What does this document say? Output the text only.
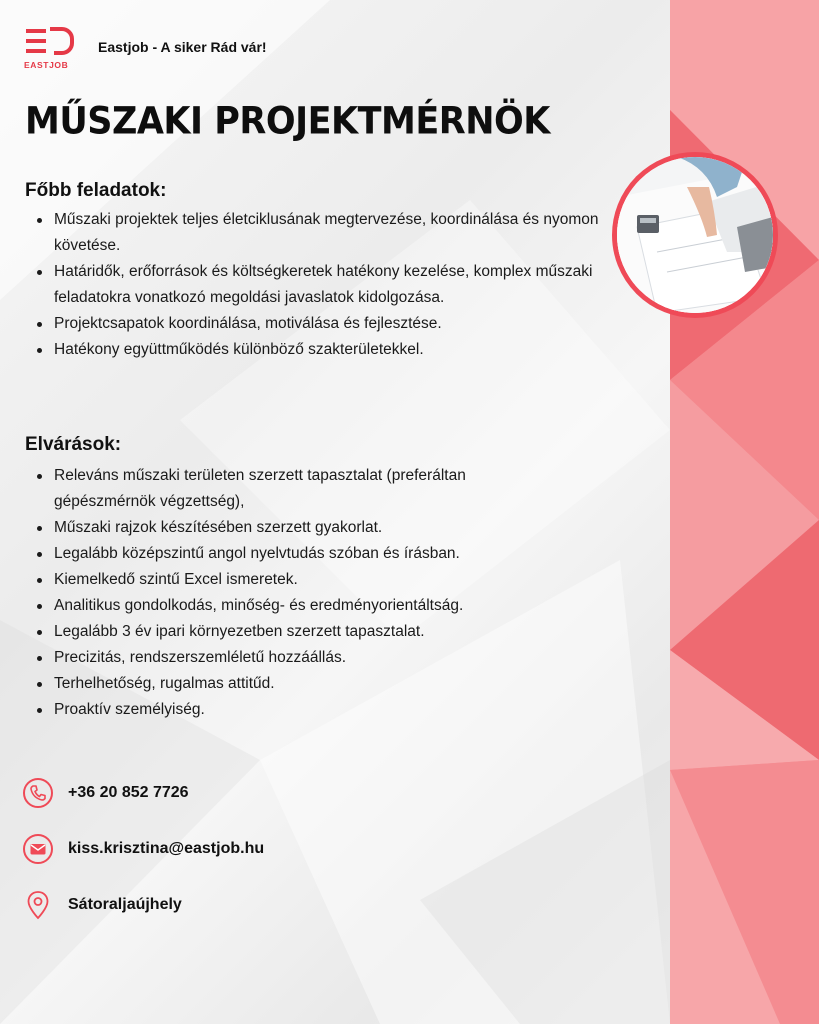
EASTJOB
Eastjob - A siker Rád vár!
MŰSZAKI PROJEKTMÉRNÖK
Főbb feladatok:
Műszaki projektek teljes életciklusának megtervezése, koordinálása és nyomon követése.
Határidők, erőforrások és költségkeretek hatékony kezelése, komplex műszaki feladatokra vonatkozó megoldási javaslatok kidolgozása.
Projektcsapatok koordinálása, motiválása és fejlesztése.
Hatékony együttműködés különböző szakterületekkel.
Elvárások:
Releváns műszaki területen szerzett tapasztalat (preferáltan gépészmérnök végzettség),
Műszaki rajzok készítésében szerzett gyakorlat.
Legalább középszintű angol nyelvtudás szóban és írásban.
Kiemelkedő szintű Excel ismeretek.
Analitikus gondolkodás, minőség- és eredményorientáltság.
Legalább 3 év ipari környezetben szerzett tapasztalat.
Precizitás, rendszerszemléletű hozzáállás.
Terhelhetőség, rugalmas attitűd.
Proaktív személyiség.
+36 20 852 7726
kiss.krisztina@eastjob.hu
Sátoraljaújhely
